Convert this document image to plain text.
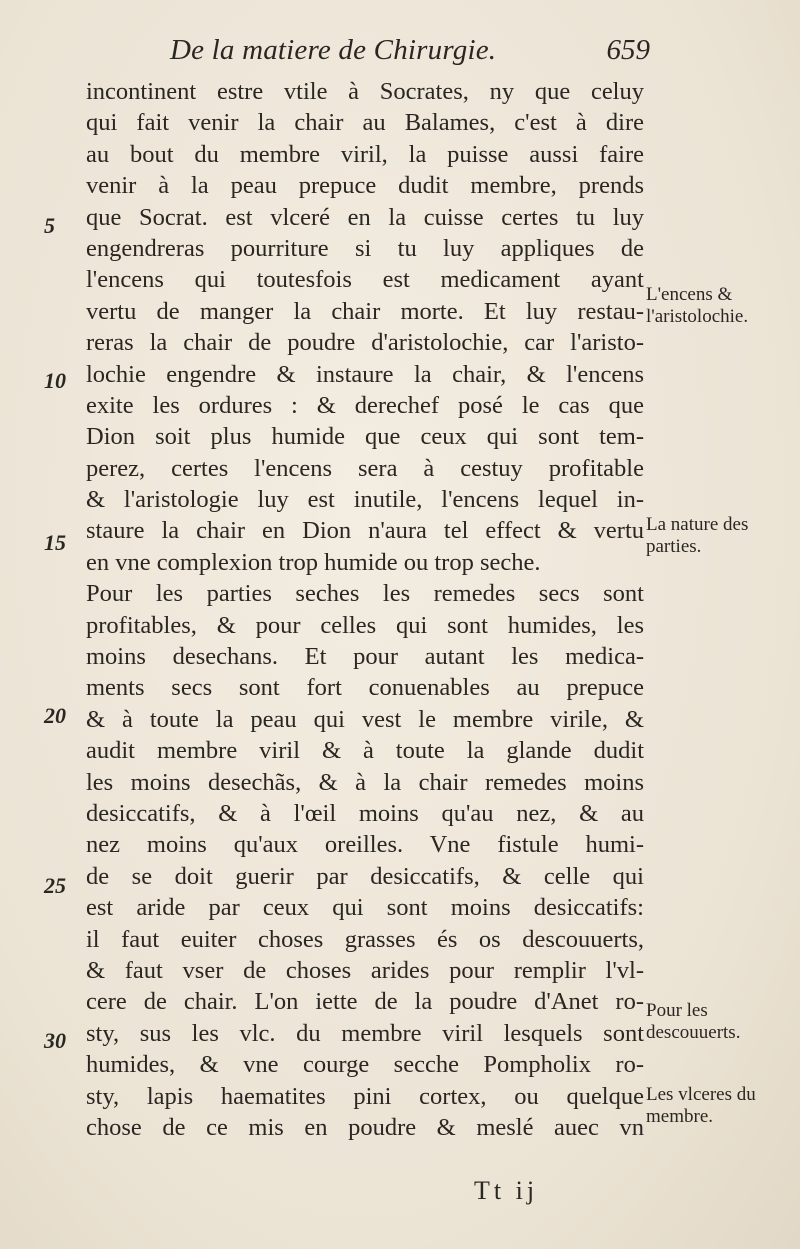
De la matiere de Chirurgie.	659
incontinent estre vtile à Socrates, ny que celuy
qui fait venir la chair au Balames, c'est à dire
au bout du membre viril, la puisse aussi faire
venir à la peau prepuce dudit membre, prends
que Socrat. est vlceré en la cuisse certes tu luy
engendreras pourriture si tu luy appliques de
l'encens qui toutesfois est medicament ayant
vertu de manger la chair morte. Et luy restau-
reras la chair de poudre d'aristolochie, car l'aristo-
lochie engendre & instaure la chair, & l'encens
exite les ordures : & derechef posé le cas que
Dion soit plus humide que ceux qui sont tem-
perez, certes l'encens sera à cestuy profitable
& l'aristologie luy est inutile, l'encens lequel in-
staure la chair en Dion n'aura tel effect & vertu
en vne complexion trop humide ou trop seche.
Pour les parties seches les remedes secs sont
profitables, & pour celles qui sont humides, les
moins desechans. Et pour autant les medica-
ments secs sont fort conuenables au prepuce
& à toute la peau qui vest le membre virile, &
audit membre viril & à toute la glande dudit
les moins desechãs, & à la chair remedes moins
desiccatifs, & à l'œil moins qu'au nez, & au
nez moins qu'aux oreilles. Vne fistule humi-
de se doit guerir par desiccatifs, & celle qui
est aride par ceux qui sont moins desiccatifs:
il faut euiter choses grasses és os descouuerts,
& faut vser de choses arides pour remplir l'vl-
cere de chair. L'on iette de la poudre d'Anet ro-
sty, sus les vlc. du membre viril lesquels sont
humides, & vne courge secche Pompholix ro-
sty, lapis haematites pini cortex, ou quelque
chose de ce mis en poudre & meslé auec vn
5
10
15
20
25
30
L'encens & l'aristolochie.
La nature des parties.
Pour les descouuerts.
Les vlceres du membre.
Tt ij
